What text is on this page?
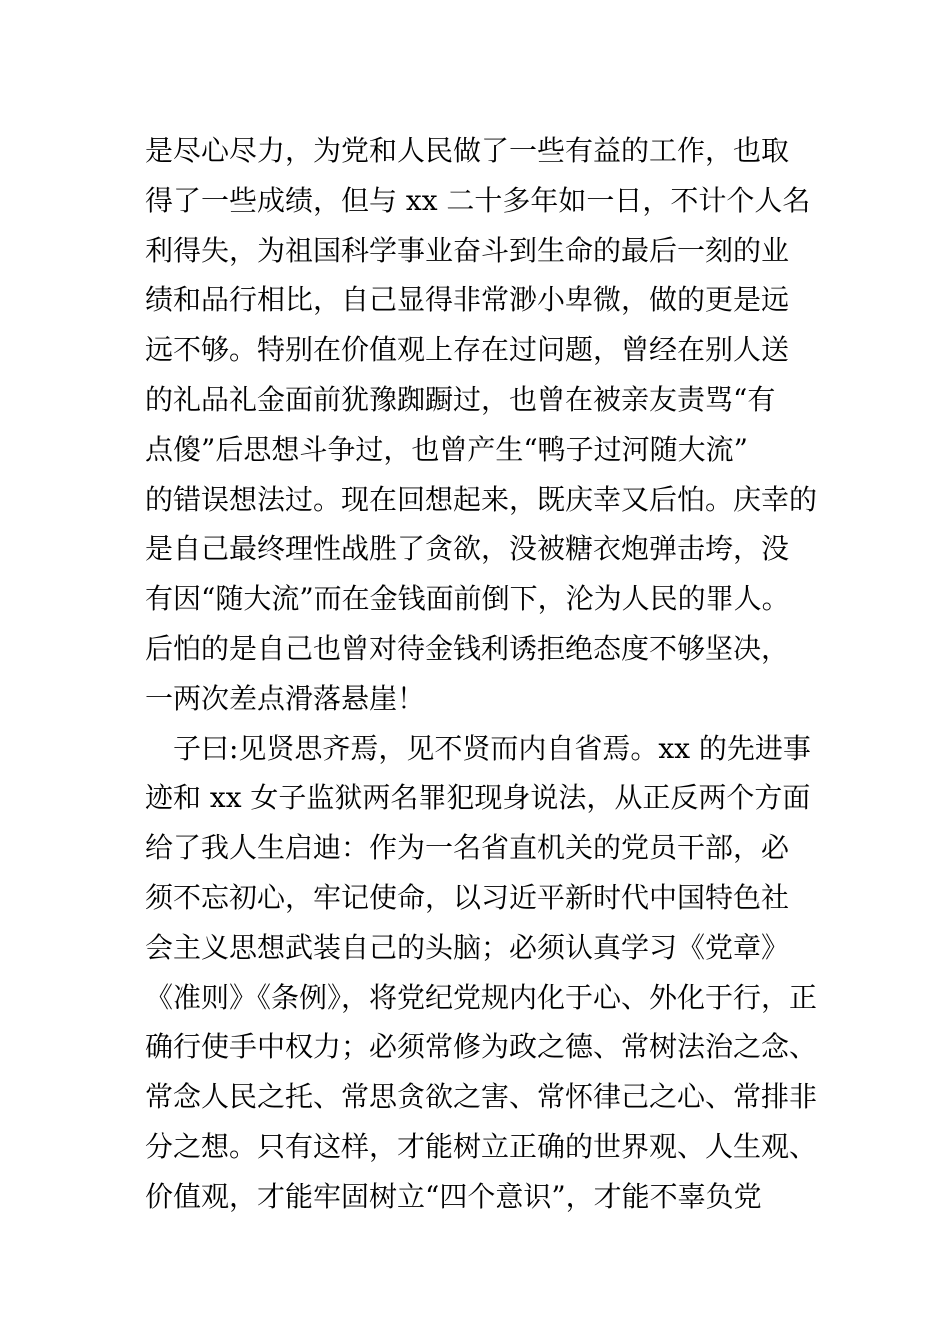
是尽心尽力，为党和人民做了一些有益的工作，也取
得了一些成绩，但与 xx 二十多年如一日，不计个人名
利得失，为祖国科学事业奋斗到生命的最后一刻的业
绩和品行相比，自己显得非常渺小卑微，做的更是远
远不够。特别在价值观上存在过问题，曾经在别人送
的礼品礼金面前犹豫踟蹰过，也曾在被亲友责骂“有
点傻”后思想斗争过，也曾产生“鸭子过河随大流”
的错误想法过。现在回想起来，既庆幸又后怕。庆幸的
是自己最终理性战胜了贪欲，没被糖衣炮弹击垮，没
有因“随大流”而在金钱面前倒下，沦为人民的罪人。
后怕的是自己也曾对待金钱利诱拒绝态度不够坚决，
一两次差点滑落悬崖！
子曰:见贤思齐焉，见不贤而内自省焉。xx 的先进事
迹和 xx 女子监狱两名罪犯现身说法，从正反两个方面
给了我人生启迪：作为一名省直机关的党员干部，必
须不忘初心，牢记使命，以习近平新时代中国特色社
会主义思想武装自己的头脑；必须认真学习《党章》
《准则》《条例》，将党纪党规内化于心、外化于行，正
确行使手中权力；必须常修为政之德、常树法治之念、
常念人民之托、常思贪欲之害、常怀律己之心、常排非
分之想。只有这样，才能树立正确的世界观、人生观、
价值观，才能牢固树立“四个意识”，才能不辜负党
